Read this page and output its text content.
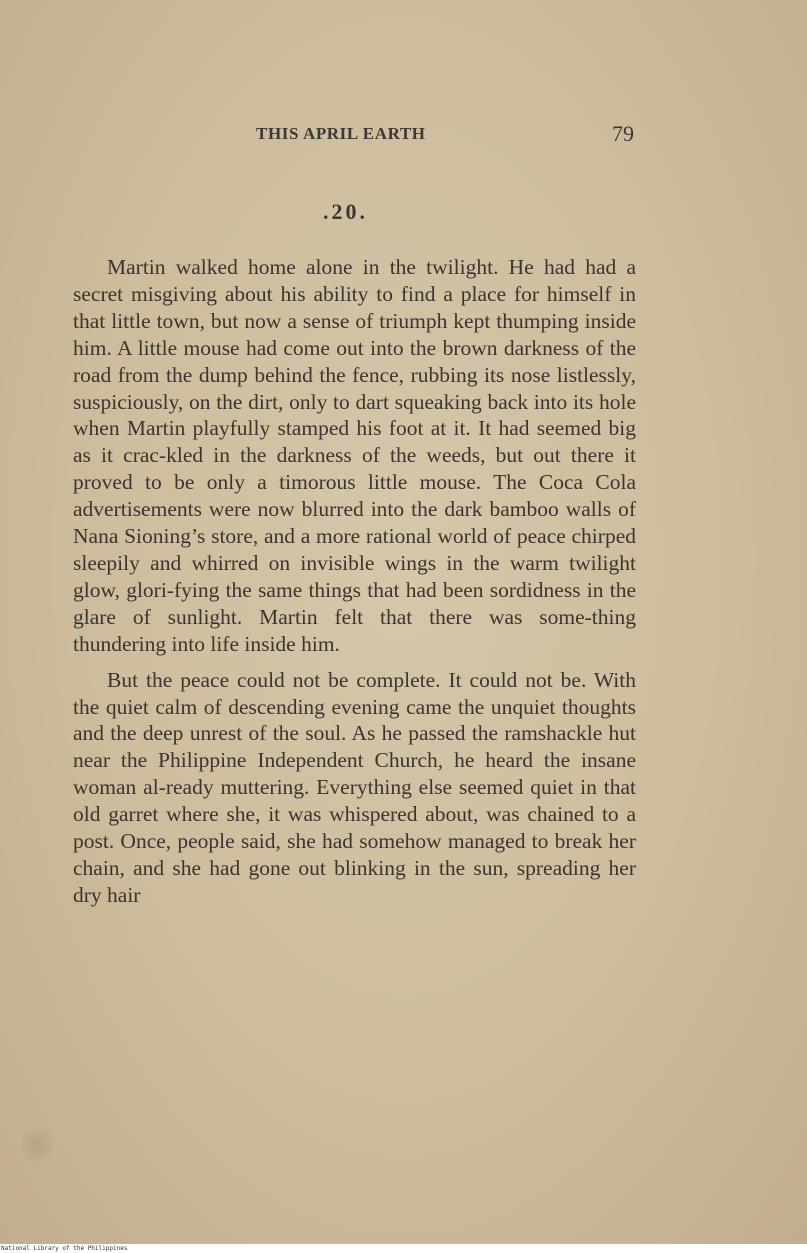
THIS APRIL EARTH	79
.20.

Martin walked home alone in the twilight. He had had a secret misgiving about his ability to find a place for himself in that little town, but now a sense of triumph kept thumping inside him. A little mouse had come out into the brown darkness of the road from the dump behind the fence, rubbing its nose listlessly, suspiciously, on the dirt, only to dart squeaking back into its hole when Martin playfully stamped his foot at it. It had seemed big as it crac-kled in the darkness of the weeds, but out there it proved to be only a timorous little mouse. The Coca Cola advertisements were now blurred into the dark bamboo walls of Nana Sioning’s store, and a more rational world of peace chirped sleepily and whirred on invisible wings in the warm twilight glow, glori-fying the same things that had been sordidness in the glare of sunlight. Martin felt that there was some-thing thundering into life inside him.

But the peace could not be complete. It could not be. With the quiet calm of descending evening came the unquiet thoughts and the deep unrest of the soul. As he passed the ramshackle hut near the Philippine Independent Church, he heard the insane woman al-ready muttering. Everything else seemed quiet in that old garret where she, it was whispered about, was chained to a post. Once, people said, she had somehow managed to break her chain, and she had gone out blinking in the sun, spreading her dry hair

National Library of the Philippines
